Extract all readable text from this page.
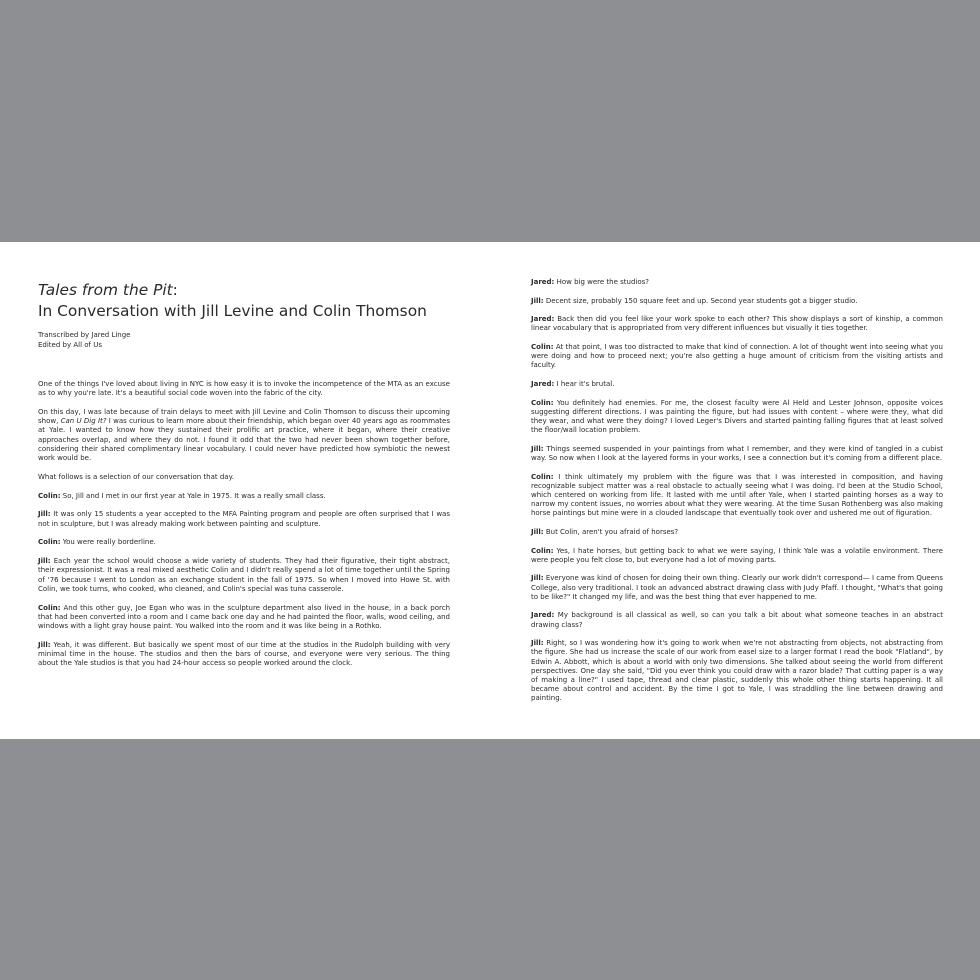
Tales from the Pit:
In Conversation with Jill Levine and Colin Thomson
Transcribed by Jared Linge
Edited by All of Us

One of the things I've loved about living in NYC is how easy it is to invoke the incompetence of the MTA as an excuse as to why you're late. It's a beautiful social code woven into the fabric of the city.

On this day, I was late because of train delays to meet with Jill Levine and Colin Thomson to discuss their upcoming show, Can U Dig It? I was curious to learn more about their friendship, which began over 40 years ago as roommates at Yale. I wanted to know how they sustained their prolific art practice, where it began, where their creative approaches overlap, and where they do not. I found it odd that the two had never been shown together before, considering their shared complimentary linear vocabulary. I could never have predicted how symbiotic the newest work would be.

What follows is a selection of our conversation that day.

Colin: So, Jill and I met in our first year at Yale in 1975. It was a really small class.

Jill: It was only 15 students a year accepted to the MFA Painting program and people are often surprised that I was not in sculpture, but I was already making work between painting and sculpture.

Colin: You were really borderline.

Jill: Each year the school would choose a wide variety of students. They had their figurative, their tight abstract, their expressionist. It was a real mixed aesthetic Colin and I didn't really spend a lot of time together until the Spring of '76 because I went to London as an exchange student in the fall of 1975. So when I moved into Howe St. with Colin, we took turns, who cooked, who cleaned, and Colin's special was tuna casserole.

Colin: And this other guy, Joe Egan who was in the sculpture department also lived in the house, in a back porch that had been converted into a room and I came back one day and he had painted the floor, walls, wood ceiling, and windows with a light gray house paint. You walked into the room and it was like being in a Rothko.

Jill: Yeah, it was different. But basically we spent most of our time at the studios in the Rudolph building with very minimal time in the house. The studios and then the bars of course, and everyone were very serious. The thing about the Yale studios is that you had 24-hour access so people worked around the clock.

Jared: How big were the studios?

Jill: Decent size, probably 150 square feet and up. Second year students got a bigger studio.

Jared: Back then did you feel like your work spoke to each other? This show displays a sort of kinship, a common linear vocabulary that is appropriated from very different influences but visually it ties together.

Colin: At that point, I was too distracted to make that kind of connection. A lot of thought went into seeing what you were doing and how to proceed next; you're also getting a huge amount of criticism from the visiting artists and faculty.

Jared: I hear it's brutal.

Colin: You definitely had enemies. For me, the closest faculty were Al Held and Lester Johnson, opposite voices suggesting different directions. I was painting the figure, but had issues with content – where were they, what did they wear, and what were they doing? I loved Leger's Divers and started painting falling figures that at least solved the floor/wall location problem.

Jill: Things seemed suspended in your paintings from what I remember, and they were kind of tangled in a cubist way. So now when I look at the layered forms in your works, I see a connection but it's coming from a different place.

Colin: I think ultimately my problem with the figure was that I was interested in composition, and having recognizable subject matter was a real obstacle to actually seeing what I was doing. I'd been at the Studio School, which centered on working from life. It lasted with me until after Yale, when I started painting horses as a way to narrow my content issues, no worries about what they were wearing. At the time Susan Rothenberg was also making horse paintings but mine were in a clouded landscape that eventually took over and ushered me out of figuration.

Jill: But Colin, aren't you afraid of horses?

Colin: Yes, I hate horses, but getting back to what we were saying, I think Yale was a volatile environment. There were people you felt close to, but everyone had a lot of moving parts.

Jill: Everyone was kind of chosen for doing their own thing. Clearly our work didn't correspond— I came from Queens College, also very traditional. I took an advanced abstract drawing class with Judy Pfaff. I thought, "What's that going to be like?" It changed my life, and was the best thing that ever happened to me.

Jared: My background is all classical as well, so can you talk a bit about what someone teaches in an abstract drawing class?

Jill: Right, so I was wondering how it's going to work when we're not abstracting from objects, not abstracting from the figure. She had us increase the scale of our work from easel size to a larger format I read the book "Flatland", by Edwin A. Abbott, which is about a world with only two dimensions. She talked about seeing the world from different perspectives. One day she said, "Did you ever think you could draw with a razor blade? That cutting paper is a way of making a line?" I used tape, thread and clear plastic, suddenly this whole other thing starts happening. It all became about control and accident. By the time I got to Yale, I was straddling the line between drawing and painting.
